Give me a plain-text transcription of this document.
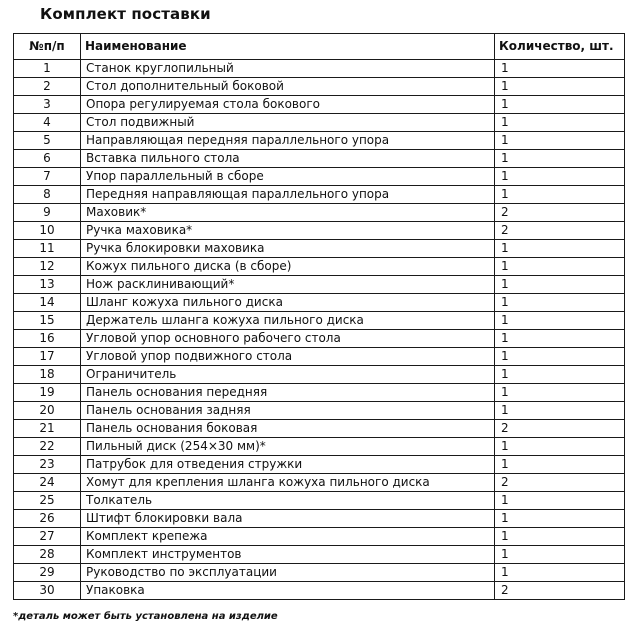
Комплект поставки
№п/п	Наименование	Количество, шт.
1	Станок круглопильный	1
2	Стол дополнительный боковой	1
3	Опора регулируемая стола бокового	1
4	Стол подвижный	1
5	Направляющая передняя параллельного упора	1
6	Вставка пильного стола	1
7	Упор параллельный в сборе	1
8	Передняя направляющая параллельного упора	1
9	Маховик*	2
10	Ручка маховика*	2
11	Ручка блокировки маховика	1
12	Кожух пильного диска (в сборе)	1
13	Нож расклинивающий*	1
14	Шланг кожуха пильного диска	1
15	Держатель шланга кожуха пильного диска	1
16	Угловой упор основного рабочего стола	1
17	Угловой упор подвижного стола	1
18	Ограничитель	1
19	Панель основания передняя	1
20	Панель основания задняя	1
21	Панель основания боковая	2
22	Пильный диск (254×30 мм)*	1
23	Патрубок для отведения стружки	1
24	Хомут для крепления шланга кожуха пильного диска	2
25	Толкатель	1
26	Штифт блокировки вала	1
27	Комплект крепежа	1
28	Комплект инструментов	1
29	Руководство по эксплуатации	1
30	Упаковка	2
*деталь может быть установлена на изделие
